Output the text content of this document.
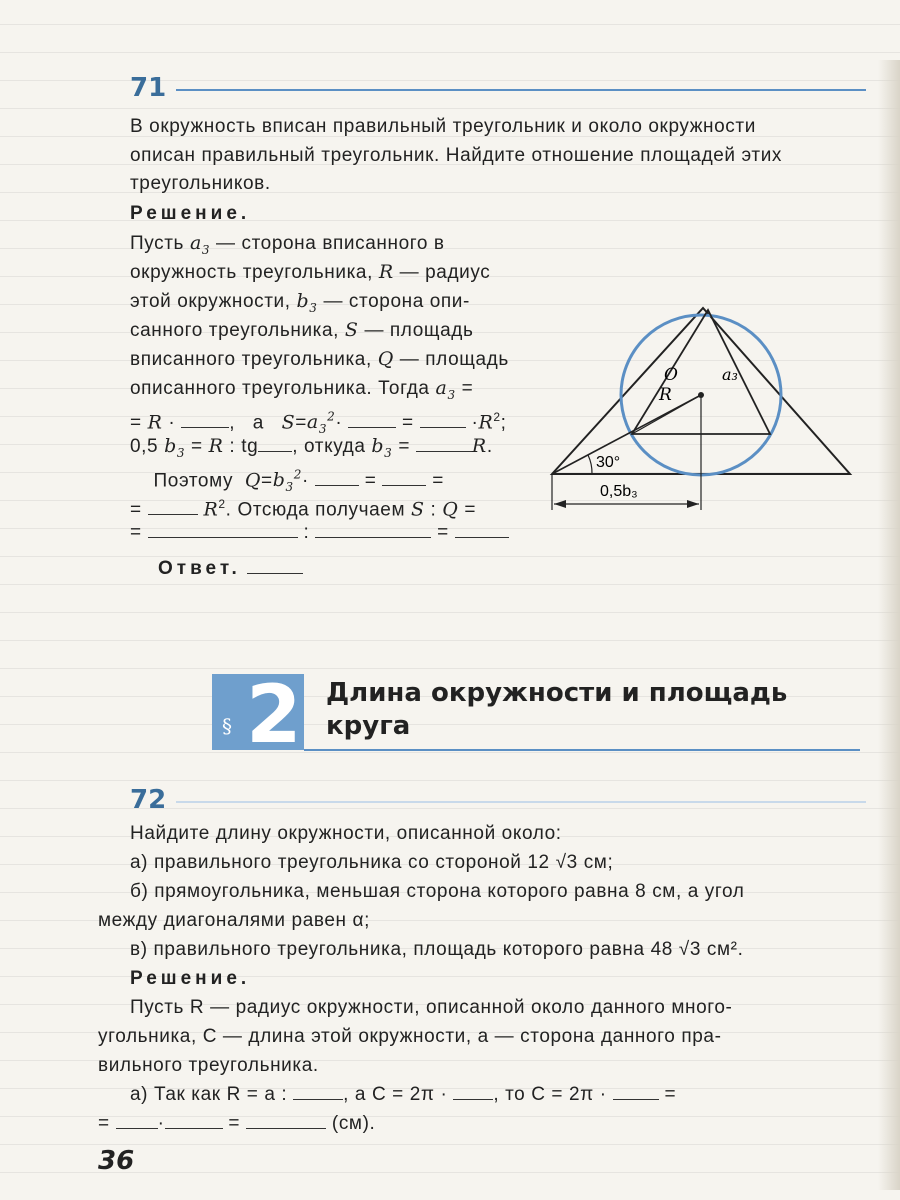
71

В окружность вписан правильный треугольник и около окружности описан правильный треугольник. Найдите отношение площадей этих треугольников.

Решение.

Пусть $a_3$ — сторона вписанного в
окружность треугольника, R — радиус
этой окружности, $b_3$ — сторона опи-
санного треугольника, S — площадь
вписанного треугольника, Q — площадь
описанного треугольника. Тогда $a_3$ =
= R ·	, а $S=a_3^2\cdot$	=	$\cdot R^2$;
0,5 $b_3 = R$ : tg , откуда $b_3$ =	R.
Поэтому $Q=b_3^2\cdot$	=	=
=	$R^2$. Отсюда получаем S : Q =
=	:	=
Ответ.
O
R
a₃
30°
0,5b₃
§ 2 Длина окружности и площадь круга
72

Найдите длину окружности, описанной около:

а) правильного треугольника со стороной 12 √3 см;

б) прямоугольника, меньшая сторона которого равна 8 см, а угол

между диагоналями равен α;

в) правильного треугольника, площадь которого равна 48 √3 см².

Решение.

Пусть R — радиус окружности, описанной около данного много-

угольника, C — длина этой окружности, a — сторона данного пра-

вильного треугольника.

а) Так как R = a :	, а C = 2π · , то C = 2π ·	=
=	·	=	(см).
36
